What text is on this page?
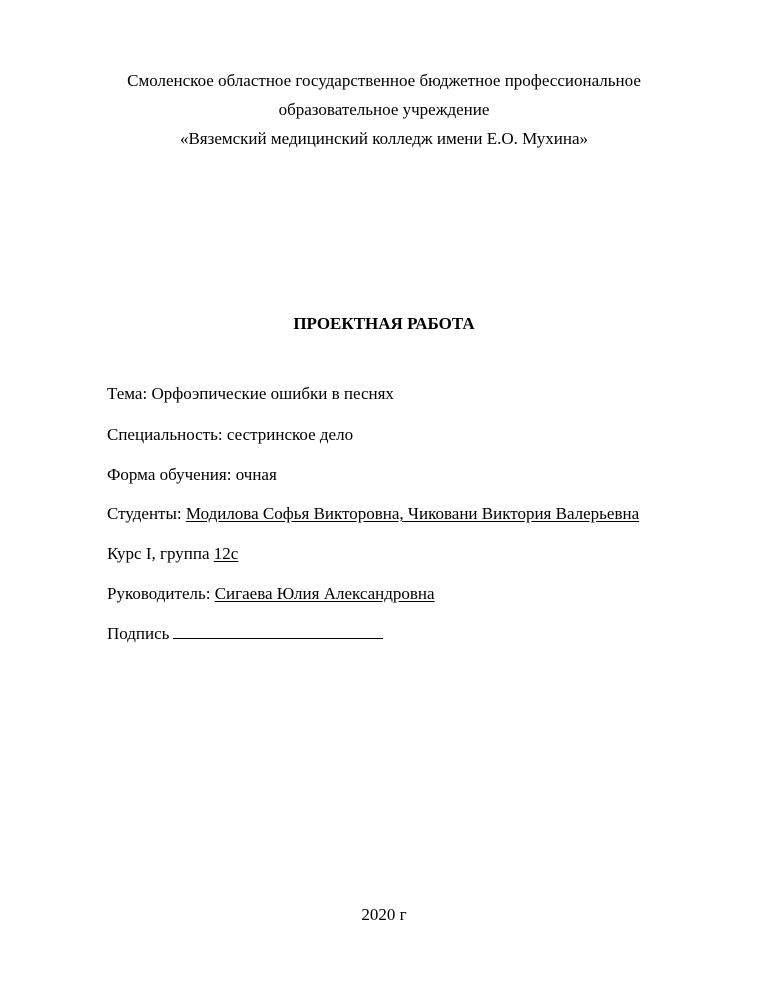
Смоленское областное государственное бюджетное профессиональное
образовательное учреждение
«Вяземский медицинский колледж имени Е.О. Мухина»
ПРОЕКТНАЯ РАБОТА
Тема: Орфоэпические ошибки в песнях
Специальность: сестринское дело
Форма обучения: очная
Студенты: Модилова Софья Викторовна, Чиковани Виктория Валерьевна
Курс I, группа 12с
Руководитель: Сигаева Юлия Александровна
Подпись
2020 г
